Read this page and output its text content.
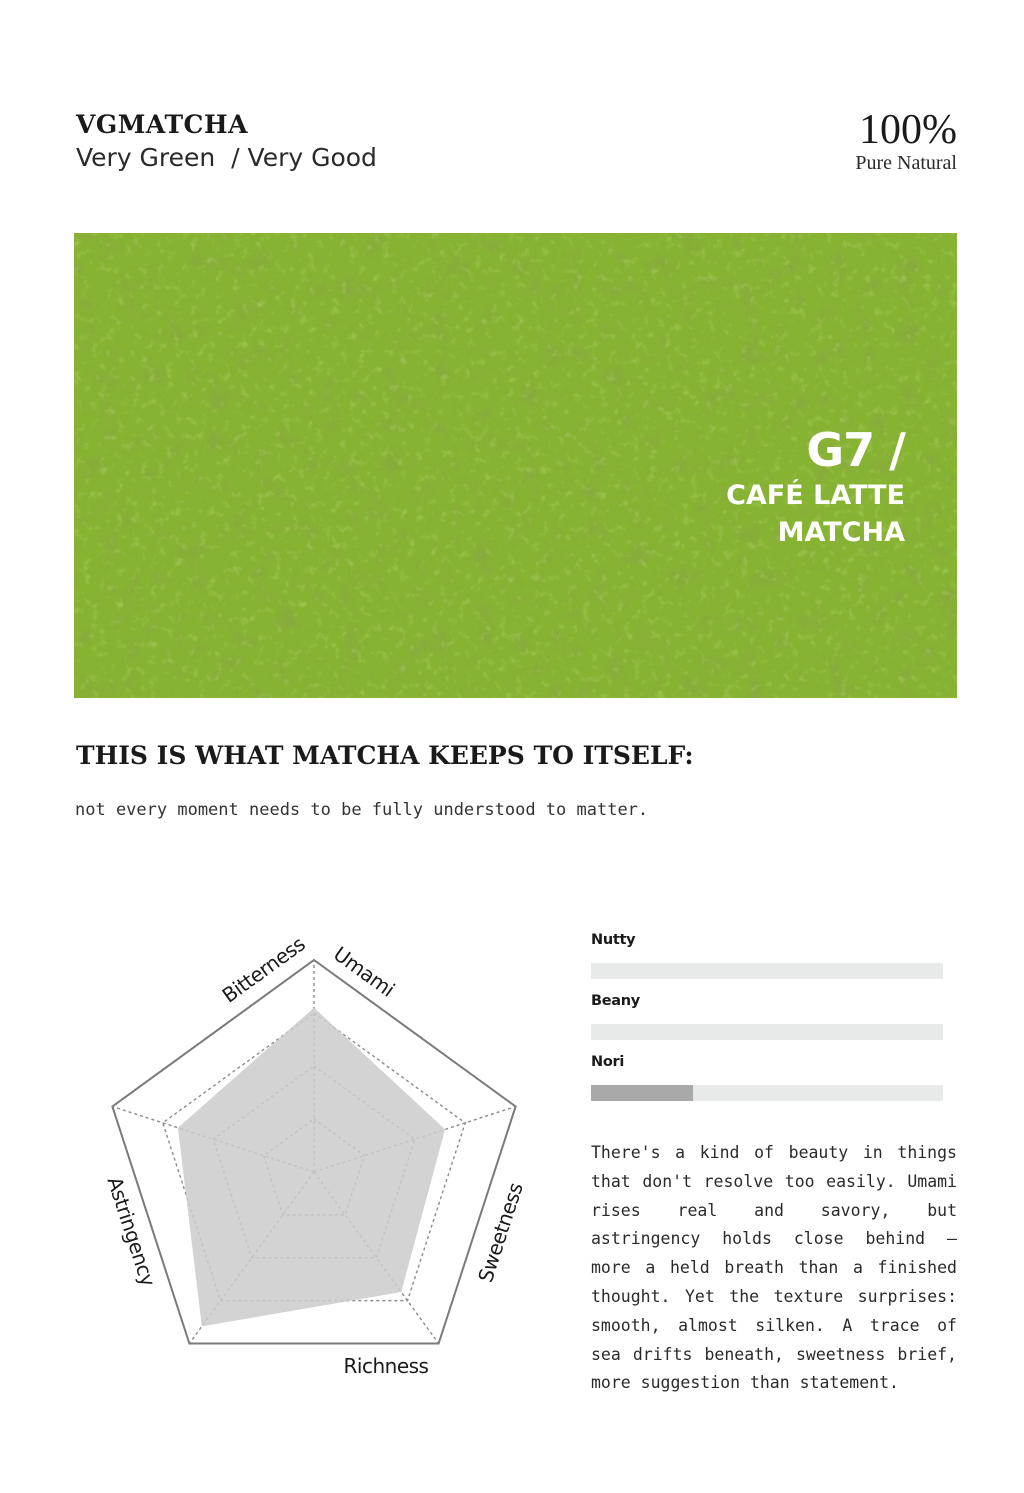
VGMATCHA
Very Green  / Very Good
100%
Pure Natural
G7 /
CAFÉ LATTE
MATCHA
THIS IS WHAT MATCHA KEEPS TO ITSELF:
not every moment needs to be fully understood to matter.
Umami
Sweetness
Richness
Astringency
Bitterness	Nutty
Beany
Nori
There's a kind of beauty in things that don't resolve too easily. Umami rises real and savory, but astringency holds close behind — more a held breath than a finished thought. Yet the texture surprises: smooth, almost silken. A trace of sea drifts beneath, sweetness brief, more suggestion than statement.
